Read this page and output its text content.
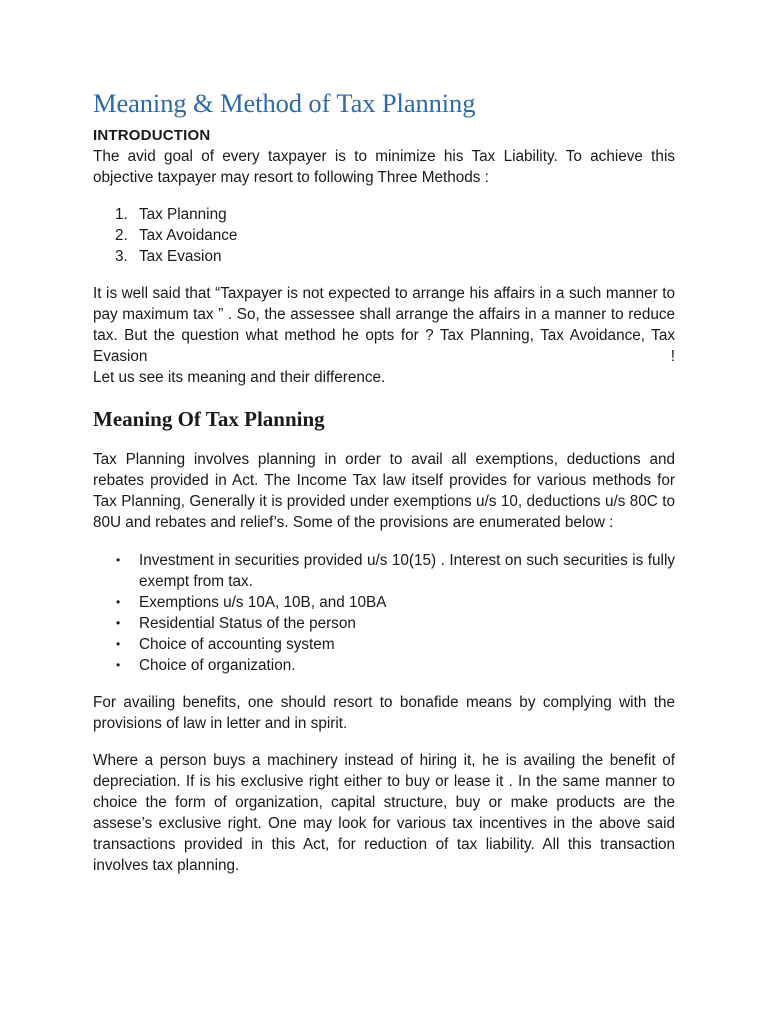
Meaning & Method of Tax Planning
INTRODUCTION

The avid goal of every taxpayer is to minimize his Tax Liability. To achieve this objective taxpayer may resort to following Three Methods :

1. Tax Planning
2. Tax Avoidance
3. Tax Evasion

It is well said that “Taxpayer is not expected to arrange his affairs in a such manner to pay maximum tax ” . So, the assessee shall arrange the affairs in a manner to reduce tax. But the question what method he opts for ? Tax Planning, Tax Avoidance, Tax Evasion !

Let us see its meaning and their difference.

Meaning Of Tax Planning

Tax Planning involves planning in order to avail all exemptions, deductions and rebates provided in Act. The Income Tax law itself provides for various methods for Tax Planning, Generally it is provided under exemptions u/s 10, deductions u/s 80C to 80U and rebates and relief’s. Some of the provisions are enumerated below :

• Investment in securities provided u/s 10(15) . Interest on such securities is fully exempt from tax.
• Exemptions u/s 10A, 10B, and 10BA
• Residential Status of the person
• Choice of accounting system
• Choice of organization.

For availing benefits, one should resort to bonafide means by complying with the provisions of law in letter and in spirit.

Where a person buys a machinery instead of hiring it, he is availing the benefit of depreciation. If is his exclusive right either to buy or lease it . In the same manner to choice the form of organization, capital structure, buy or make products are the assese’s exclusive right. One may look for various tax incentives in the above said transactions provided in this Act, for reduction of tax liability. All this transaction involves tax planning.
